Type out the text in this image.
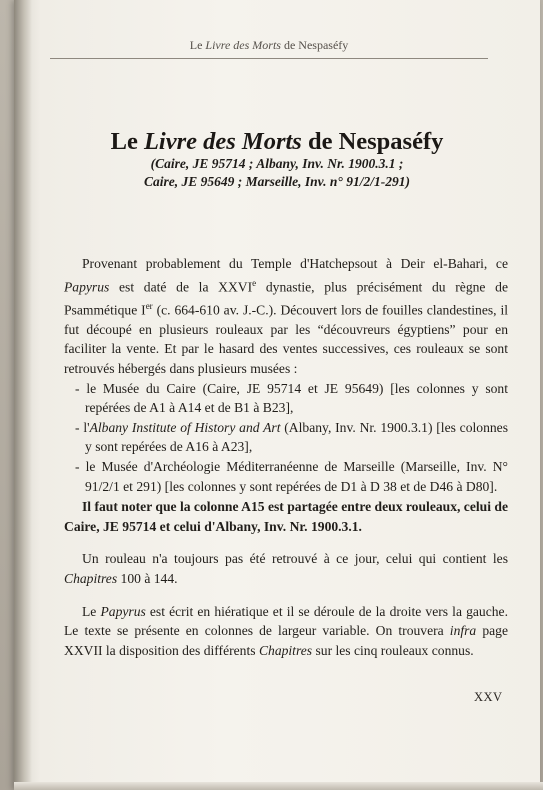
Le Livre des Morts de Nespaséfy
Le Livre des Morts de Nespaséfy
(Caire, JE 95714 ; Albany, Inv. Nr. 1900.3.1 ;
Caire, JE 95649 ; Marseille, Inv. n° 91/2/1-291)

Provenant probablement du Temple d'Hatchepsout à Deir el-Bahari, ce Papyrus est daté de la XXVIe dynastie, plus précisément du règne de Psammétique Ier (c. 664-610 av. J.-C.). Découvert lors de fouilles clandestines, il fut découpé en plusieurs rouleaux par les “découvreurs égyptiens” pour en faciliter la vente. Et par le hasard des ventes successives, ces rouleaux se sont retrouvés hébergés dans plusieurs musées :

- le Musée du Caire (Caire, JE 95714 et JE 95649) [les colonnes y sont repérées de A1 à A14 et de B1 à B23],
- l'Albany Institute of History and Art (Albany, Inv. Nr. 1900.3.1) [les colonnes y sont repérées de A16 à A23],
- le Musée d'Archéologie Méditerranéenne de Marseille (Marseille, Inv. N° 91/2/1 et 291) [les colonnes y sont repérées de D1 à D 38 et de D46 à D80].

Il faut noter que la colonne A15 est partagée entre deux rouleaux, celui de Caire, JE 95714 et celui d'Albany, Inv. Nr. 1900.3.1.

Un rouleau n'a toujours pas été retrouvé à ce jour, celui qui contient les Chapitres 100 à 144.

Le Papyrus est écrit en hiératique et il se déroule de la droite vers la gauche. Le texte se présente en colonnes de largeur variable. On trouvera infra page XXVII la disposition des différents Chapitres sur les cinq rouleaux connus.

XXV
